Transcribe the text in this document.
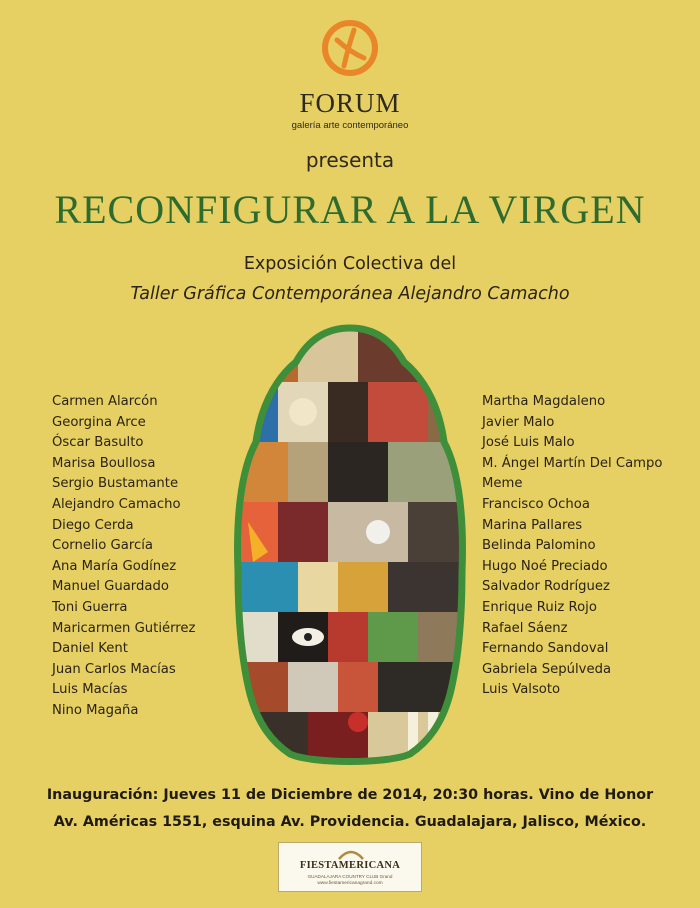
FORUM
galería arte contemporáneo
presenta
RECONFIGURAR A LA VIRGEN
Exposición Colectiva del
Taller Gráfica Contemporánea Alejandro Camacho
Carmen Alarcón
Georgina Arce
Óscar Basulto
Marisa Boullosa
Sergio Bustamante
Alejandro Camacho
Diego Cerda
Cornelio García
Ana María Godínez
Manuel Guardado
Toni Guerra
Maricarmen Gutiérrez
Daniel Kent
Juan Carlos Macías
Luis Macías
Nino Magaña
Martha Magdaleno
Javier Malo
José Luis Malo
M. Ángel Martín Del Campo
Meme
Francisco Ochoa
Marina Pallares
Belinda Palomino
Hugo Noé Preciado
Salvador Rodríguez
Enrique Ruiz Rojo
Rafael Sáenz
Fernando Sandoval
Gabriela Sepúlveda
Luis Valsoto
Inauguración: Jueves 11 de Diciembre de 2014, 20:30 horas. Vino de Honor
Av. Américas 1551, esquina Av. Providencia. Guadalajara, Jalisco, México.
FIESTAMERICANA
GUADALAJARA COUNTRY CLUB Grand
www.fiestamericanagrand.com
